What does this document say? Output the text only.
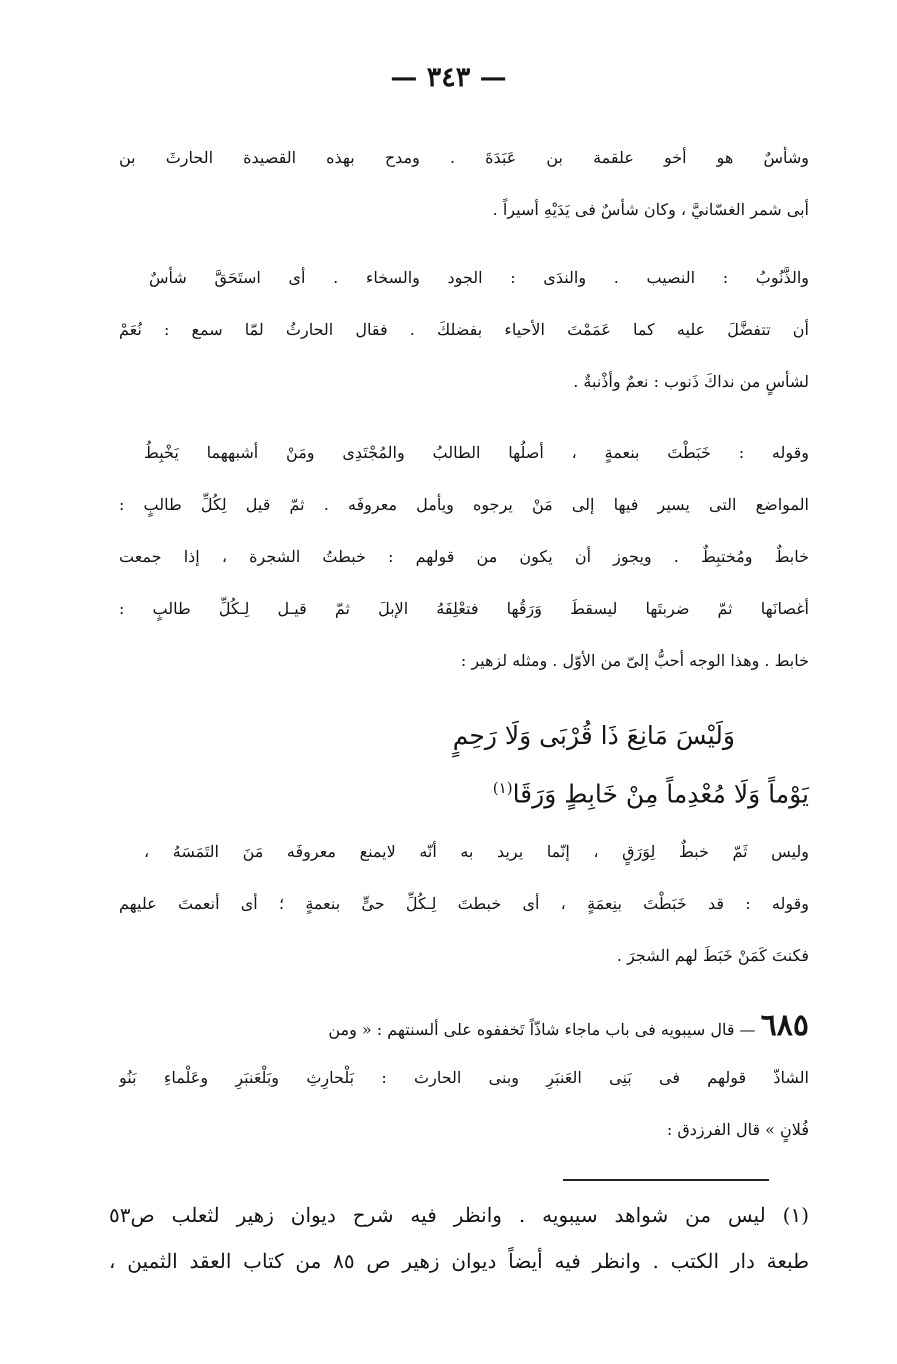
— ٣٤٣ —
وشأسٌ هو أخو علقمة بن عَبَدَةَ . ومدح بهذه القصيدة الحارثَ بن
أبى شمر الغسّانيَّ ، وكان شأسٌ فى يَدَيْهِ أسيراً .
والذَّنُوبُ : النصيب . والندَى : الجود والسخاء . أى استَحَقَّ شأسٌ
أن تتفضَّلَ عليه كما عَمَمْتَ الأحياء بفضلكَ . فقال الحارثُ لمّا سمع : نُعَمْ
لشأسٍ من نداكَ ذَنوب : نعمٌ وأذْنبةٌ .
وقوله : خَبَطْتَ بنعمةٍ ، أصلُها الطالبُ والمُجْتَدِى ومَنْ أشبههما يَخْبِطُ
المواضع التى يسير فيها إلى مَنْ يرجوه ويأمل معروفَه . ثمّ قيل لِكُلِّ طالبٍ :
خابطٌ ومُختبِطٌ . ويجوز أن يكون من قولهم : خبطتُ الشجرة ، إذا جمعت
أغصانَها ثمّ ضربتَها ليسقطَ وَرَقُها فتعْلِفَهُ الإبلَ ثمّ قيـل لِـكُلِّ طالبٍ :
خابط . وهذا الوجه أحبُّ إلىّ من الأوّل . ومثله لزهير :
وَلَيْسَ مَانِعَ ذَا قُرْبَى وَلَا رَحِمٍ
يَوْماً وَلَا مُعْدِماً مِنْ خَابِطٍ وَرَقَا$^{(١)}$
وليس ثَمّ خبطٌ لِوَرَقٍ ، إنّما يريد به أنّه لايمنع معروفَه مَنَ التَمَسَهُ ،
وقوله : قد خَبَطْتَ بنِعمَةٍ ، أى خبطتَ لِـكُلِّ حىٍّ بنعمةٍ ؛ أى أنعمتَ عليهم
فكنتَ كَمَنْ خَبَطَ لهم الشجرَ .
٦٨٥ — قال سيبويه فى باب ماجاء شاذّاً تَخففوه على ألسنتهم : « ومن
الشاذّ قولهم فى بَنِى العَنبَرِ وبنى الحارث : بَلْحارِثِ وبَلْعَنبَرِ وعَلْماءِ بَنُو
فُلانٍ » قال الفرزدق :
(١) ليس من شواهد سيبويه . وانظر فيه شرح ديوان زهير لثعلب ص٥٣
طبعة دار الكتب . وانظر فيه أيضاً ديوان زهير ص ٨٥ من كتاب العقد الثمين ،
